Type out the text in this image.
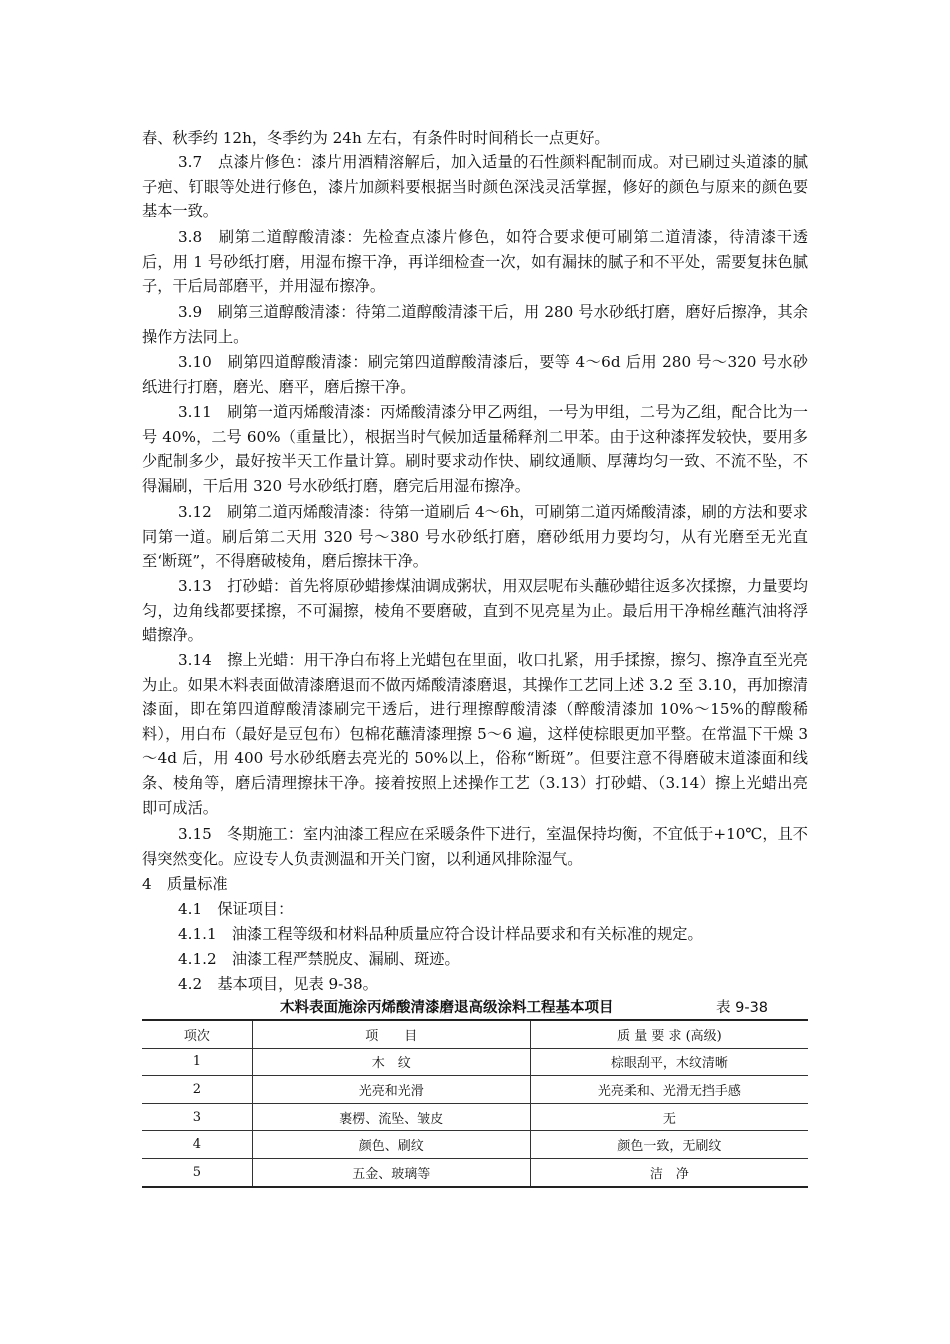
春、秋季约 12h，冬季约为 24h 左右，有条件时时间稍长一点更好。

3.7　点漆片修色：漆片用酒精溶解后，加入适量的石性颜料配制而成。对已刷过头道漆的腻子疤、钉眼等处进行修色，漆片加颜料要根据当时颜色深浅灵活掌握，修好的颜色与原来的颜色要基本一致。

3.8　刷第二道醇酸清漆：先检查点漆片修色，如符合要求便可刷第二道清漆，待清漆干透后，用 1 号砂纸打磨，用湿布擦干净，再详细检查一次，如有漏抹的腻子和不平处，需要复抹色腻子，干后局部磨平，并用湿布擦净。

3.9　刷第三道醇酸清漆：待第二道醇酸清漆干后，用 280 号水砂纸打磨，磨好后擦净，其余操作方法同上。

3.10　刷第四道醇酸清漆：刷完第四道醇酸清漆后，要等 4～6d 后用 280 号～320 号水砂纸进行打磨，磨光、磨平，磨后擦干净。

3.11　刷第一道丙烯酸清漆：丙烯酸清漆分甲乙两组，一号为甲组，二号为乙组，配合比为一号 40%，二号 60%（重量比），根据当时气候加适量稀释剂二甲苯。由于这种漆挥发较快，要用多少配制多少，最好按半天工作量计算。刷时要求动作快、刷纹通顺、厚薄均匀一致、不流不坠，不得漏刷，干后用 320 号水砂纸打磨，磨完后用湿布擦净。

3.12　刷第二道丙烯酸清漆：待第一道刷后 4～6h，可刷第二道丙烯酸清漆，刷的方法和要求同第一道。刷后第二天用 320 号～380 号水砂纸打磨，磨砂纸用力要均匀，从有光磨至无光直至‘断斑”，不得磨破棱角，磨后擦抹干净。

3.13　打砂蜡：首先将原砂蜡掺煤油调成粥状，用双层呢布头蘸砂蜡往返多次揉擦，力量要均匀，边角线都要揉擦，不可漏擦，棱角不要磨破，直到不见亮星为止。最后用干净棉丝蘸汽油将浮蜡擦净。

3.14　擦上光蜡：用干净白布将上光蜡包在里面，收口扎紧，用手揉擦，擦匀、擦净直至光亮为止。如果木料表面做清漆磨退而不做丙烯酸清漆磨退，其操作工艺同上述 3.2 至 3.10，再加擦清漆面，即在第四道醇酸清漆刷完干透后，进行理擦醇酸清漆（醉酸清漆加 10%～15%的醇酸稀料），用白布（最好是豆包布）包棉花蘸清漆理擦 5～6 遍，这样使棕眼更加平整。在常温下干燥 3～4d 后，用 400 号水砂纸磨去亮光的 50%以上，俗称“断斑”。但要注意不得磨破末道漆面和线条、棱角等，磨后清理擦抹干净。接着按照上述操作工艺（3.13）打砂蜡、（3.14）擦上光蜡出亮即可成活。

3.15　冬期施工：室内油漆工程应在采暖条件下进行，室温保持均衡，不宜低于+10℃，且不得突然变化。应设专人负责测温和开关门窗，以利通风排除湿气。

4　质量标准
4.1　保证项目：
4.1.1　油漆工程等级和材料品种质量应符合设计样品要求和有关标准的规定。
4.1.2　油漆工程严禁脱皮、漏刷、斑迹。
4.2　基本项目，见表 9-38。
木料表面施涂丙烯酸清漆磨退高级涂料工程基本项目	表 9-38
项次	项　　目	质 量 要 求 (高级)
1	木　纹	棕眼刮平，木纹清晰
2	光亮和光滑	光亮柔和、光滑无挡手感
3	裹楞、流坠、皱皮	无
4	颜色、刷纹	颜色一致，无刷纹
5	五金、玻璃等	洁　净
